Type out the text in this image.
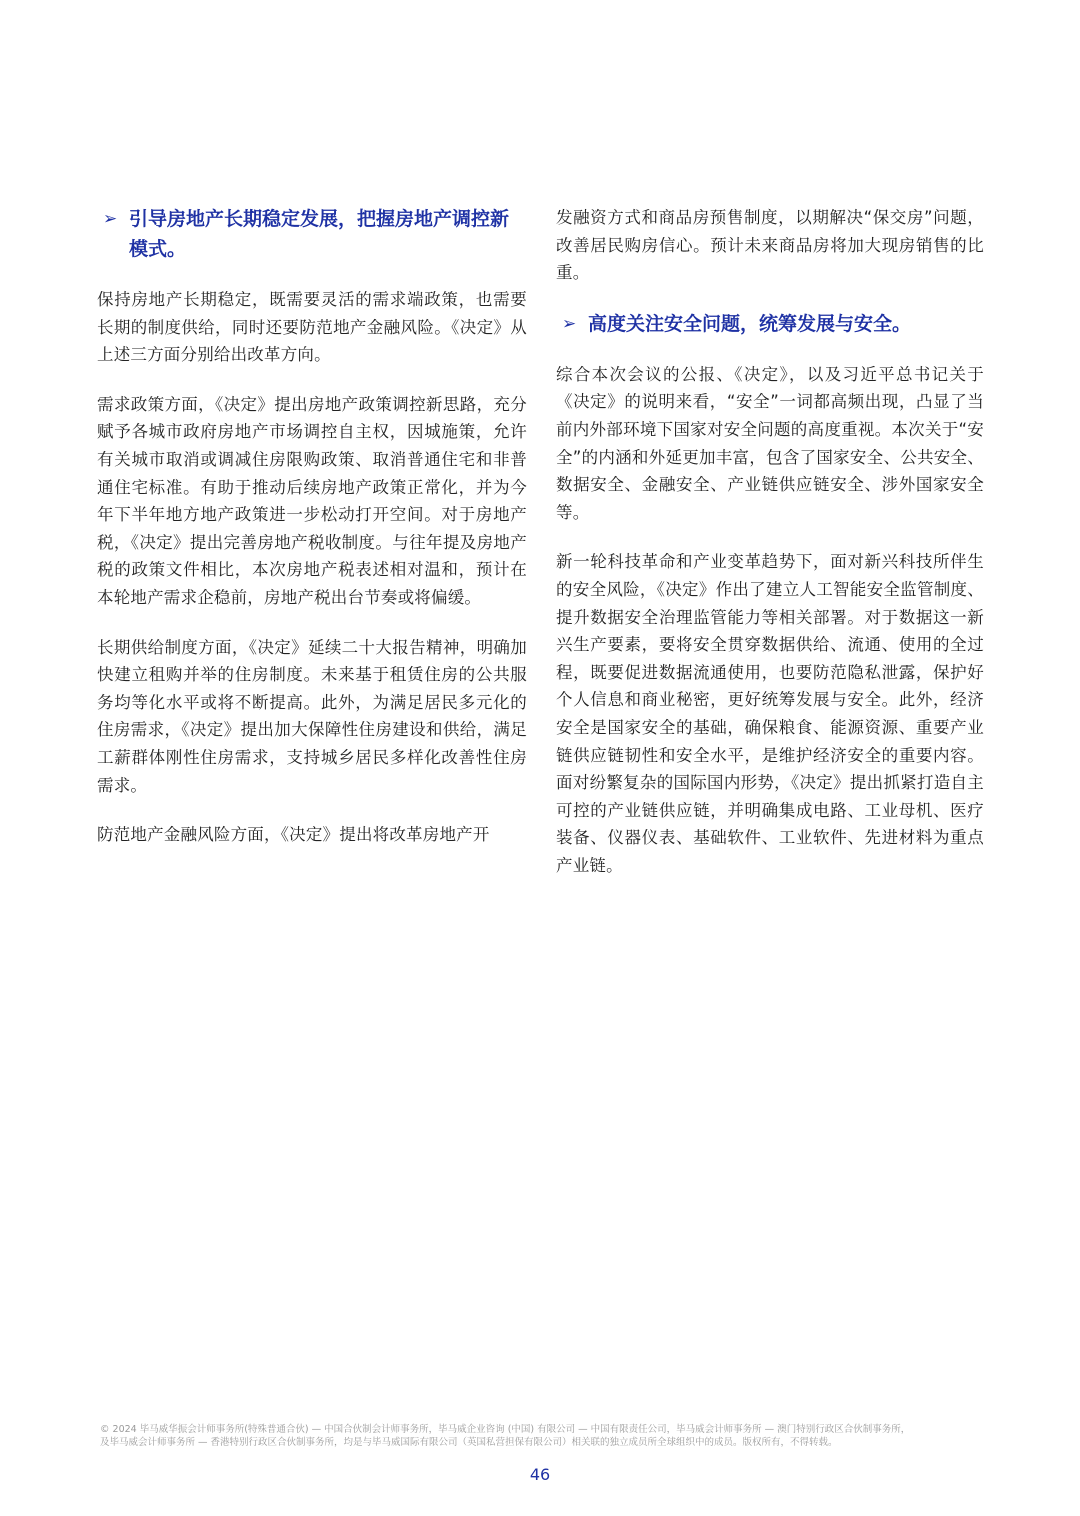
➢ 引导房地产长期稳定发展，把握房地产调控新模式。

保持房地产长期稳定，既需要灵活的需求端政策，也需要长期的制度供给，同时还要防范地产金融风险。《决定》从上述三方面分别给出改革方向。

需求政策方面，《决定》提出房地产政策调控新思路，充分赋予各城市政府房地产市场调控自主权，因城施策，允许有关城市取消或调减住房限购政策、取消普通住宅和非普通住宅标准。有助于推动后续房地产政策正常化，并为今年下半年地方地产政策进一步松动打开空间。对于房地产税，《决定》提出完善房地产税收制度。与往年提及房地产税的政策文件相比，本次房地产税表述相对温和，预计在本轮地产需求企稳前，房地产税出台节奏或将偏缓。

长期供给制度方面，《决定》延续二十大报告精神，明确加快建立租购并举的住房制度。未来基于租赁住房的公共服务均等化水平或将不断提高。此外，为满足居民多元化的住房需求，《决定》提出加大保障性住房建设和供给，满足工薪群体刚性住房需求，支持城乡居民多样化改善性住房需求。

防范地产金融风险方面，《决定》提出将改革房地产开

发融资方式和商品房预售制度，以期解决“保交房”问题，改善居民购房信心。预计未来商品房将加大现房销售的比重。

➢ 高度关注安全问题，统筹发展与安全。

综合本次会议的公报、《决定》，以及习近平总书记关于《决定》的说明来看，“安全”一词都高频出现，凸显了当前内外部环境下国家对安全问题的高度重视。本次关于“安全”的内涵和外延更加丰富，包含了国家安全、公共安全、数据安全、金融安全、产业链供应链安全、涉外国家安全等。

新一轮科技革命和产业变革趋势下，面对新兴科技所伴生的安全风险，《决定》作出了建立人工智能安全监管制度、提升数据安全治理监管能力等相关部署。对于数据这一新兴生产要素，要将安全贯穿数据供给、流通、使用的全过程，既要促进数据流通使用，也要防范隐私泄露，保护好个人信息和商业秘密，更好统筹发展与安全。此外，经济安全是国家安全的基础，确保粮食、能源资源、重要产业链供应链韧性和安全水平，是维护经济安全的重要内容。面对纷繁复杂的国际国内形势，《决定》提出抓紧打造自主可控的产业链供应链，并明确集成电路、工业母机、医疗装备、仪器仪表、基础软件、工业软件、先进材料为重点产业链。

© 2024 毕马威华振会计师事务所(特殊普通合伙) — 中国合伙制会计师事务所，毕马威企业咨询 (中国) 有限公司 — 中国有限责任公司，毕马威会计师事务所 — 澳门特别行政区合伙制事务所，
及毕马威会计师事务所 — 香港特别行政区合伙制事务所，均是与毕马威国际有限公司（英国私营担保有限公司）相关联的独立成员所全球组织中的成员。版权所有，不得转载。
46
